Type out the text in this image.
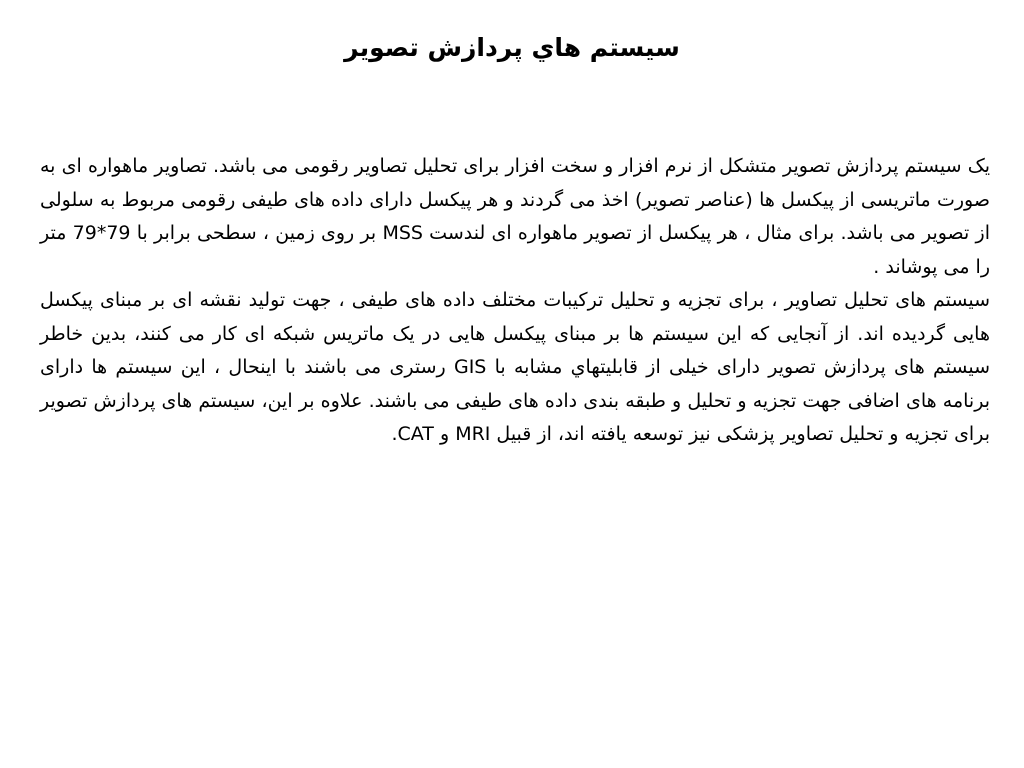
سيستم هاي پردازش تصوير

یک سیستم پردازش تصویر متشکل از نرم افزار و سخت افزار برای تحلیل تصاویر رقومی می باشد. تصاویر ماهواره ای به صورت ماتریسی از پیکسل ها (عناصر تصویر) اخذ می گردند و هر پیکسل دارای داده های طیفی رقومی مربوط به سلولی از تصویر می باشد. برای مثال ، هر پیکسل از تصویر ماهواره ای لندست MSS بر روی زمین ، سطحی برابر با 79*79 متر را می پوشاند .

سیستم های تحلیل تصاویر ، برای تجزیه و تحلیل ترکیبات مختلف داده های طیفی ، جهت تولید نقشه ای بر مبنای پیکسل هایی گردیده اند. از آنجایی که این سیستم ها بر مبنای پیکسل هایی در یک ماتریس شبکه ای کار می کنند، بدین خاطر سیستم های پردازش تصویر دارای خیلی از قابلیتهاي مشابه با GIS رستری می باشند با اینحال ، این سیستم ها دارای برنامه های اضافی جهت تجزیه و تحلیل و طبقه بندی داده های طیفی می باشند. علاوه بر این، سیستم های پردازش تصویر برای تجزیه و تحلیل تصاویر پزشکی نیز توسعه یافته اند، از قبیل MRI و CAT.
